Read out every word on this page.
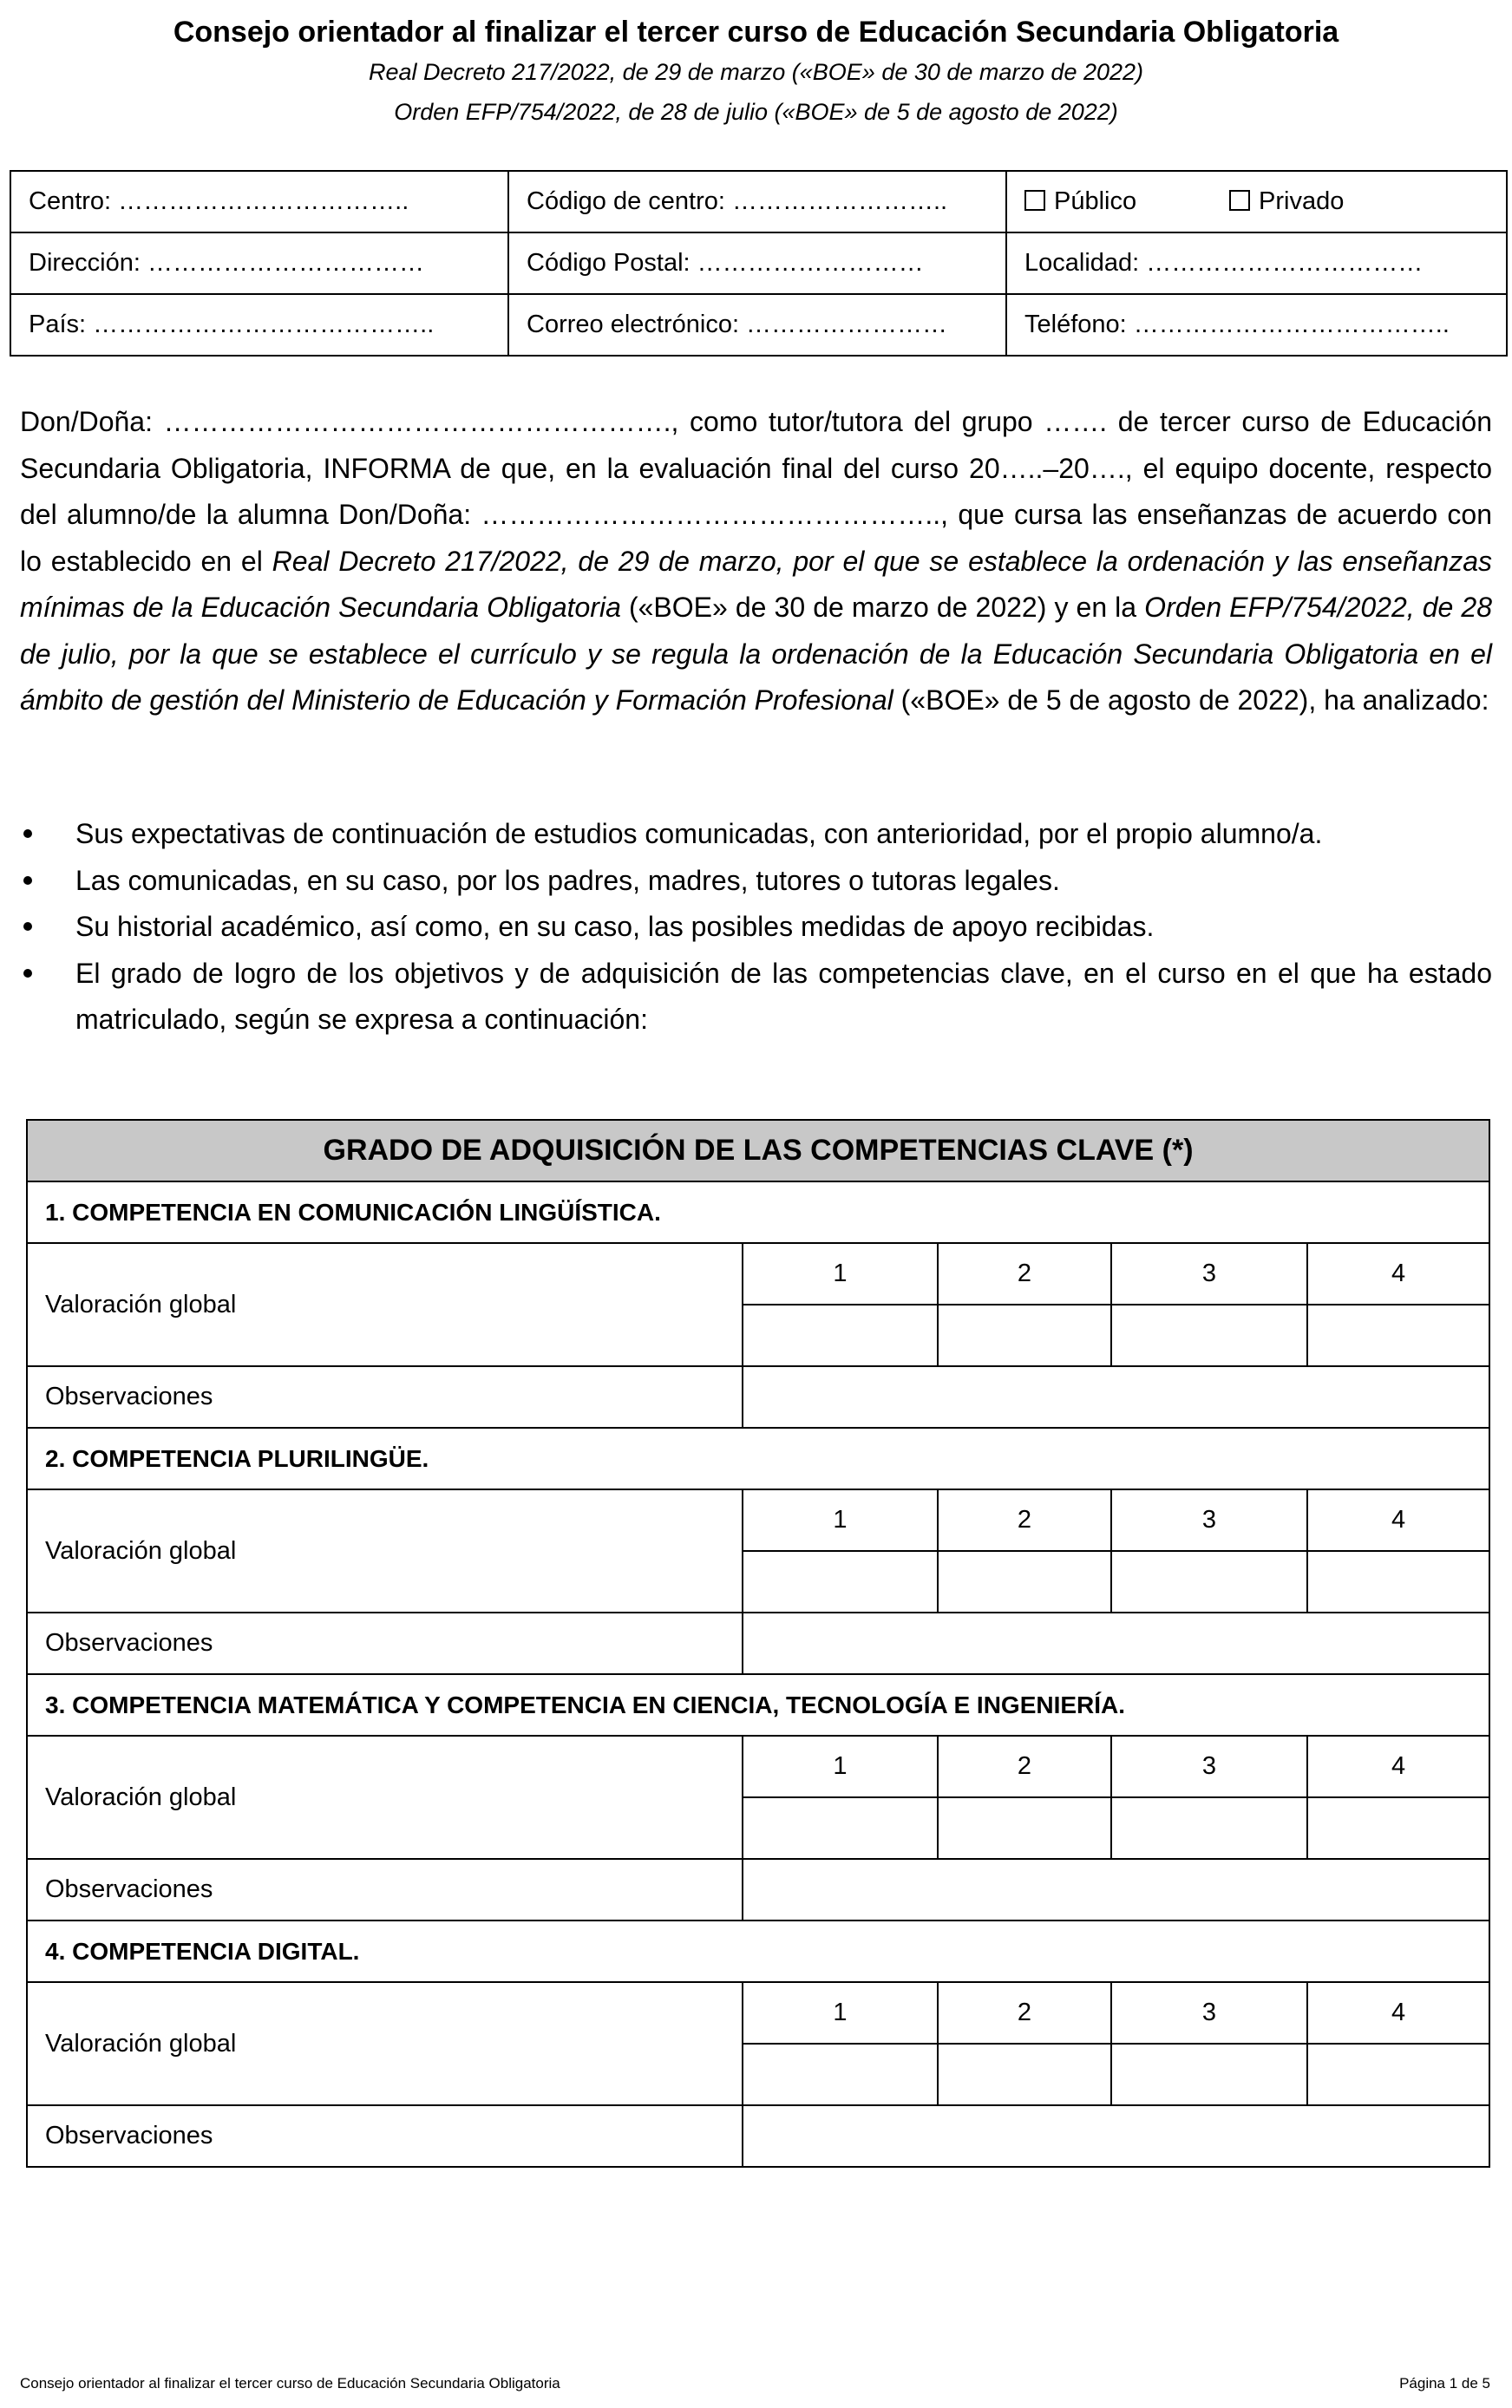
Consejo orientador al finalizar el tercer curso de Educación Secundaria Obligatoria
Real Decreto 217/2022, de 29 de marzo («BOE» de 30 de marzo de 2022)
Orden EFP/754/2022, de 28 de julio («BOE» de 5 de agosto de 2022)
Centro: ……………………………..	Código de centro: ……………………..	Público Privado
Dirección: ……………………………	Código Postal: ………………………	Localidad: ……………………………
País: …………………………………..	Correo electrónico: ……………………	Teléfono: ………………………………..

Don/Doña: ………………………………………………., como tutor/tutora del grupo ……. de tercer curso de Educación Secundaria Obligatoria, INFORMA de que, en la evaluación final del curso 20…..–20…., el equipo docente, respecto del alumno/de la alumna Don/Doña: ………………………………………….., que cursa las enseñanzas de acuerdo con lo establecido en el Real Decreto 217/2022, de 29 de marzo, por el que se establece la ordenación y las enseñanzas mínimas de la Educación Secundaria Obligatoria («BOE» de 30 de marzo de 2022) y en la Orden EFP/754/2022, de 28 de julio, por la que se establece el currículo y se regula la ordenación de la Educación Secundaria Obligatoria en el ámbito de gestión del Ministerio de Educación y Formación Profesional («BOE» de 5 de agosto de 2022), ha analizado:

Sus expectativas de continuación de estudios comunicadas, con anterioridad, por el propio alumno/a.
Las comunicadas, en su caso, por los padres, madres, tutores o tutoras legales.
Su historial académico, así como, en su caso, las posibles medidas de apoyo recibidas.
El grado de logro de los objetivos y de adquisición de las competencias clave, en el curso en el que ha estado matriculado, según se expresa a continuación:
GRADO DE ADQUISICIÓN DE LAS COMPETENCIAS CLAVE (*)				
1. COMPETENCIA EN COMUNICACIÓN LINGÜÍSTICA.				
Valoración global	1	2	3	4

Observaciones				
2. COMPETENCIA PLURILINGÜE.				
Valoración global	1	2	3	4

Observaciones				
3. COMPETENCIA MATEMÁTICA Y COMPETENCIA EN CIENCIA, TECNOLOGÍA E INGENIERÍA.				
Valoración global	1	2	3	4

Observaciones				
4. COMPETENCIA DIGITAL.				
Valoración global	1	2	3	4

Observaciones				
Consejo orientador al finalizar el tercer curso de Educación Secundaria Obligatoria	Página 1 de 5
